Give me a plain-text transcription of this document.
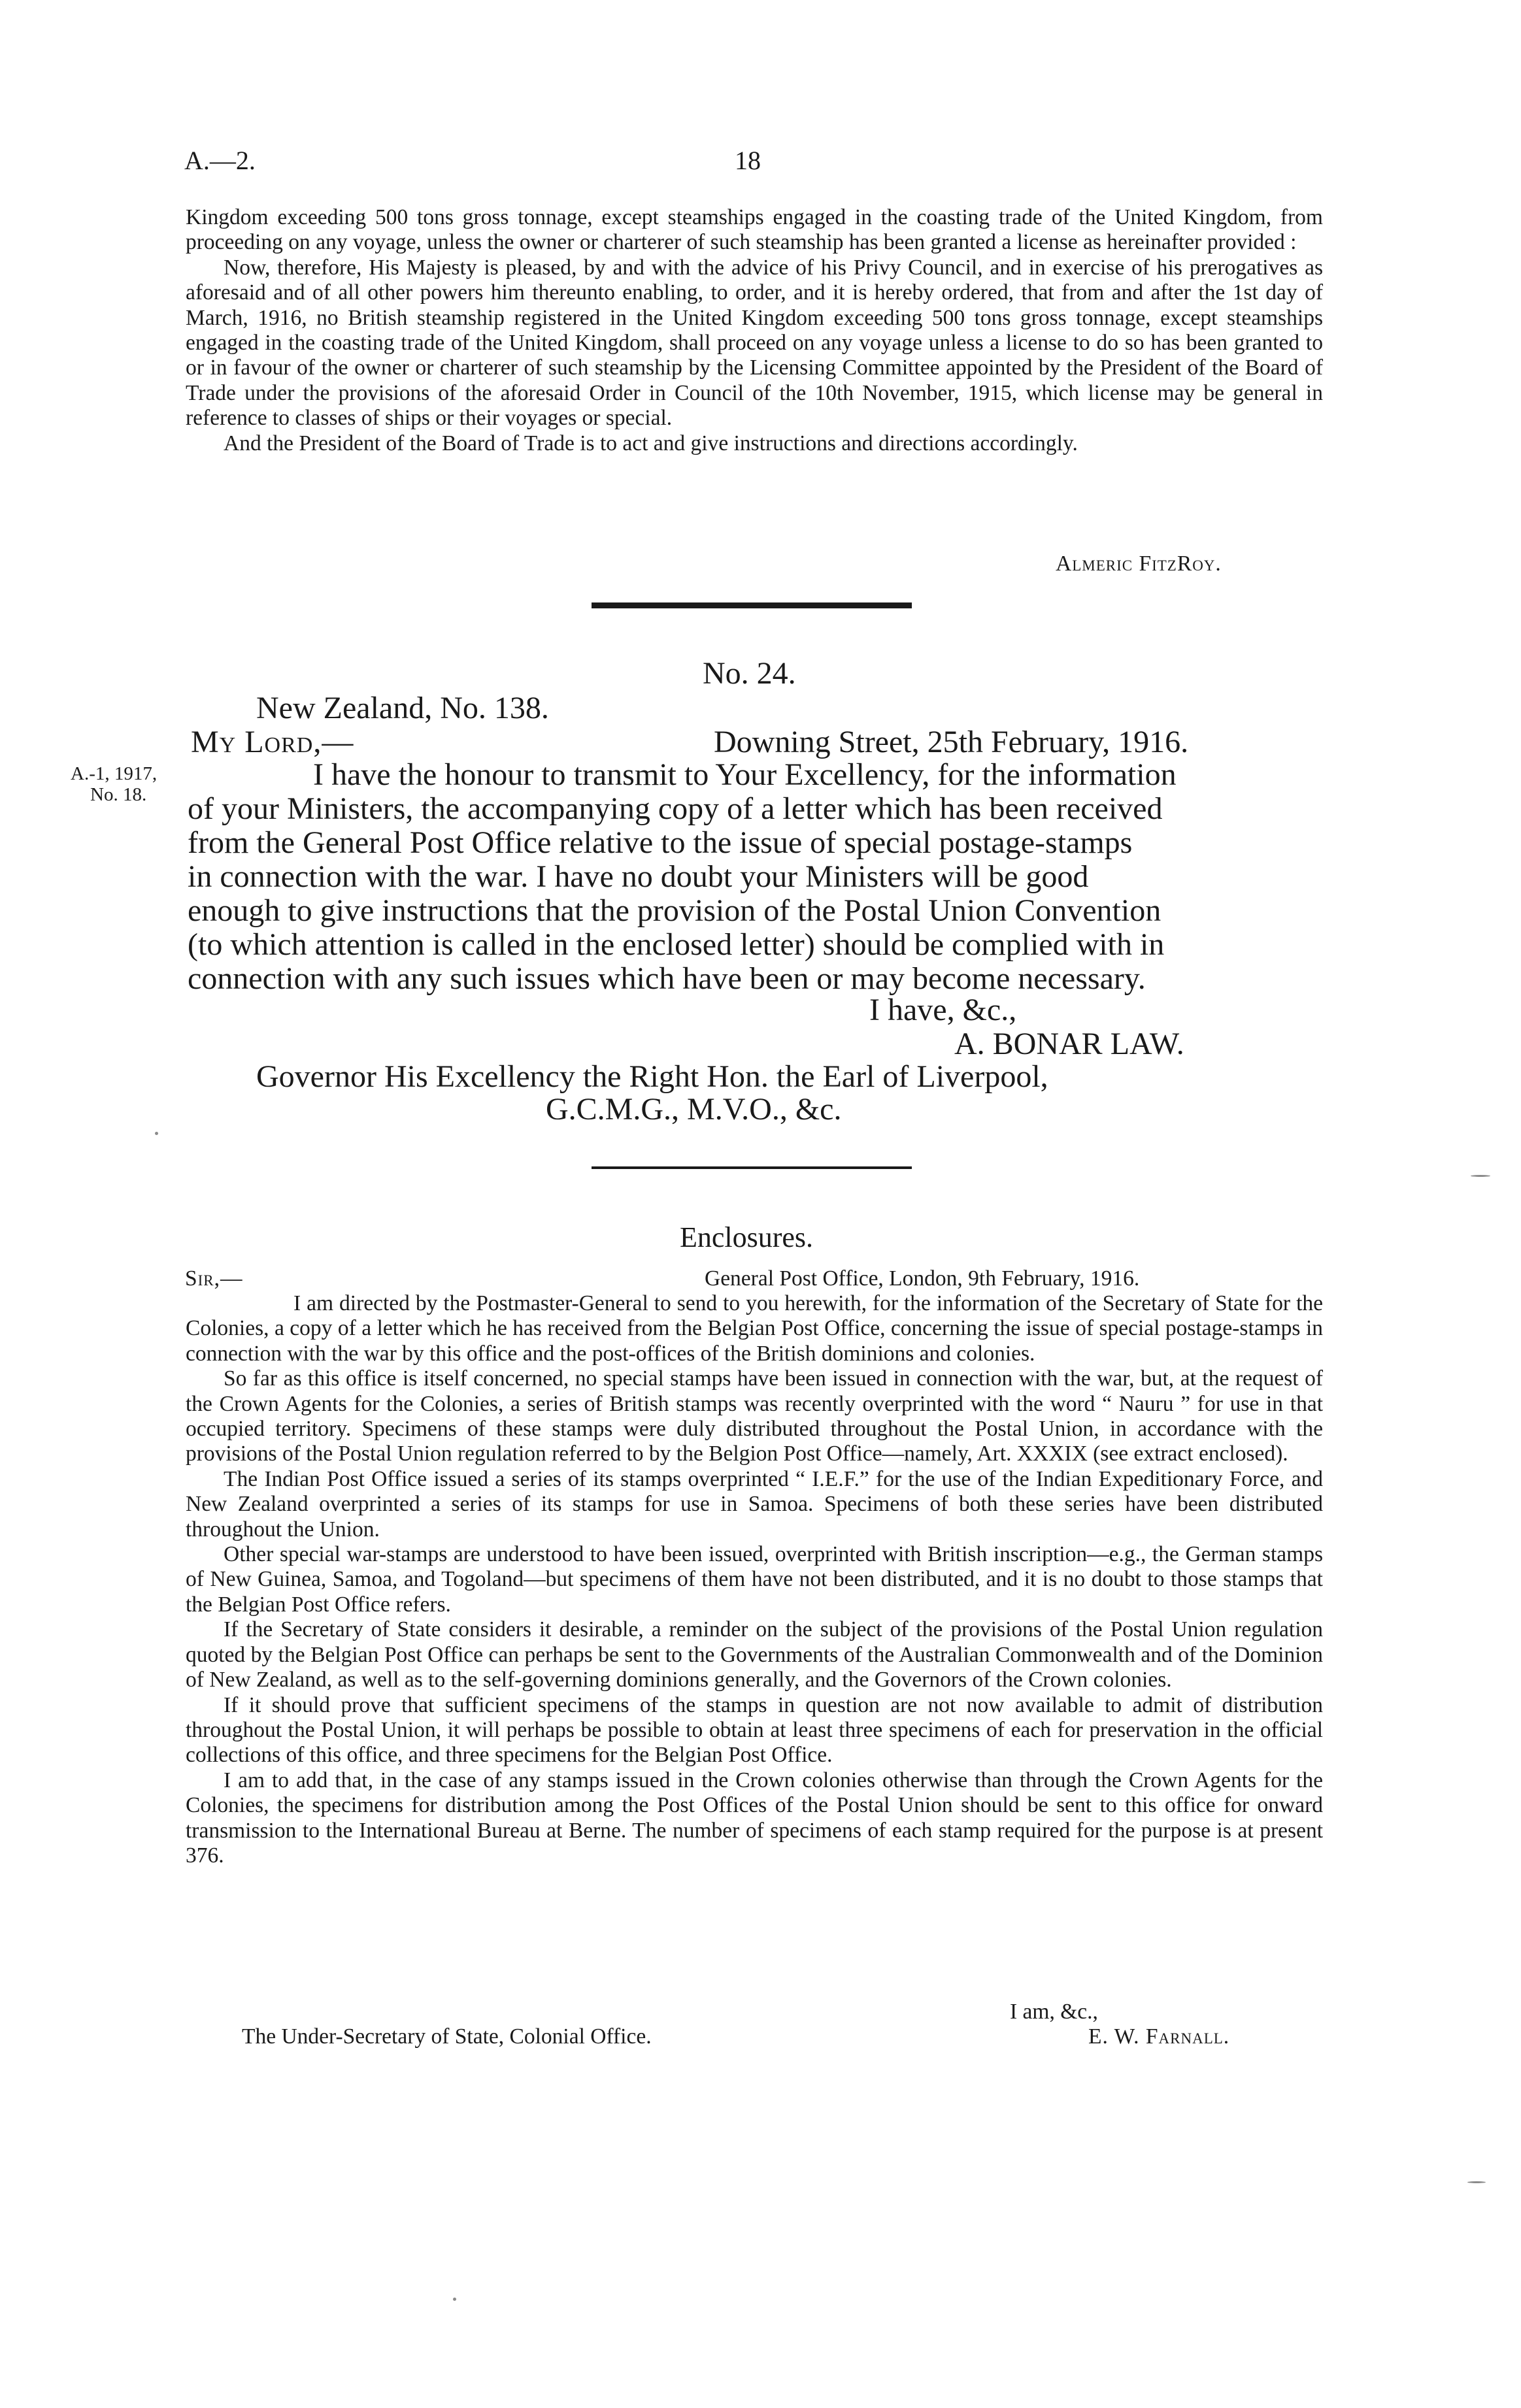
A.—2.	18

Kingdom exceeding 500 tons gross tonnage, except steamships engaged in the coasting trade of the United Kingdom, from proceeding on any voyage, unless the owner or charterer of such steamship has been granted a license as hereinafter provided :

Now, therefore, His Majesty is pleased, by and with the advice of his Privy Council, and in exercise of his prerogatives as aforesaid and of all other powers him thereunto enabling, to order, and it is hereby ordered, that from and after the 1st day of March, 1916, no British steamship registered in the United Kingdom exceeding 500 tons gross tonnage, except steamships engaged in the coasting trade of the United Kingdom, shall proceed on any voyage unless a license to do so has been granted to or in favour of the owner or charterer of such steamship by the Licensing Committee appointed by the President of the Board of Trade under the provisions of the aforesaid Order in Council of the 10th November, 1915, which license may be general in reference to classes of ships or their voyages or special.

And the President of the Board of Trade is to act and give instructions and directions accordingly.

Almeric FitzRoy.
No. 24.
New Zealand, No. 138.
My Lord,—	Downing Street, 25th February, 1916.
A.-1, 1917,
No. 18.
I have the honour to transmit to Your Excellency, for the information
of your Ministers, the accompanying copy of a letter which has been received
from the General Post Office relative to the issue of special postage-stamps
in connection with the war. I have no doubt your Ministers will be good
enough to give instructions that the provision of the Postal Union Convention
(to which attention is called in the enclosed letter) should be complied with in
connection with any such issues which have been or may become necessary.
I have, &c.,
A. BONAR LAW.
Governor His Excellency the Right Hon. the Earl of Liverpool,
G.C.M.G., M.V.O., &c.
Enclosures.
Sir,—	General Post Office, London, 9th February, 1916.

I am directed by the Postmaster-General to send to you herewith, for the information of the Secretary of State for the Colonies, a copy of a letter which he has received from the Belgian Post Office, concerning the issue of special postage-stamps in connection with the war by this office and the post-offices of the British dominions and colonies.

So far as this office is itself concerned, no special stamps have been issued in connection with the war, but, at the request of the Crown Agents for the Colonies, a series of British stamps was recently overprinted with the word “ Nauru ” for use in that occupied territory. Specimens of these stamps were duly distributed throughout the Postal Union, in accordance with the provisions of the Postal Union regulation referred to by the Belgion Post Office—namely, Art. XXXIX (see extract enclosed).

The Indian Post Office issued a series of its stamps overprinted “ I.E.F.” for the use of the Indian Expeditionary Force, and New Zealand overprinted a series of its stamps for use in Samoa. Specimens of both these series have been distributed throughout the Union.

Other special war-stamps are understood to have been issued, overprinted with British inscription—e.g., the German stamps of New Guinea, Samoa, and Togoland—but specimens of them have not been distributed, and it is no doubt to those stamps that the Belgian Post Office refers.

If the Secretary of State considers it desirable, a reminder on the subject of the provisions of the Postal Union regulation quoted by the Belgian Post Office can perhaps be sent to the Governments of the Australian Commonwealth and of the Dominion of New Zealand, as well as to the self-governing dominions generally, and the Governors of the Crown colonies.

If it should prove that sufficient specimens of the stamps in question are not now available to admit of distribution throughout the Postal Union, it will perhaps be possible to obtain at least three specimens of each for preservation in the official collections of this office, and three specimens for the Belgian Post Office.

I am to add that, in the case of any stamps issued in the Crown colonies otherwise than through the Crown Agents for the Colonies, the specimens for distribution among the Post Offices of the Postal Union should be sent to this office for onward transmission to the International Bureau at Berne. The number of specimens of each stamp required for the purpose is at present 376.

I am, &c.,
The Under-Secretary of State, Colonial Office.	E. W. Farnall.
